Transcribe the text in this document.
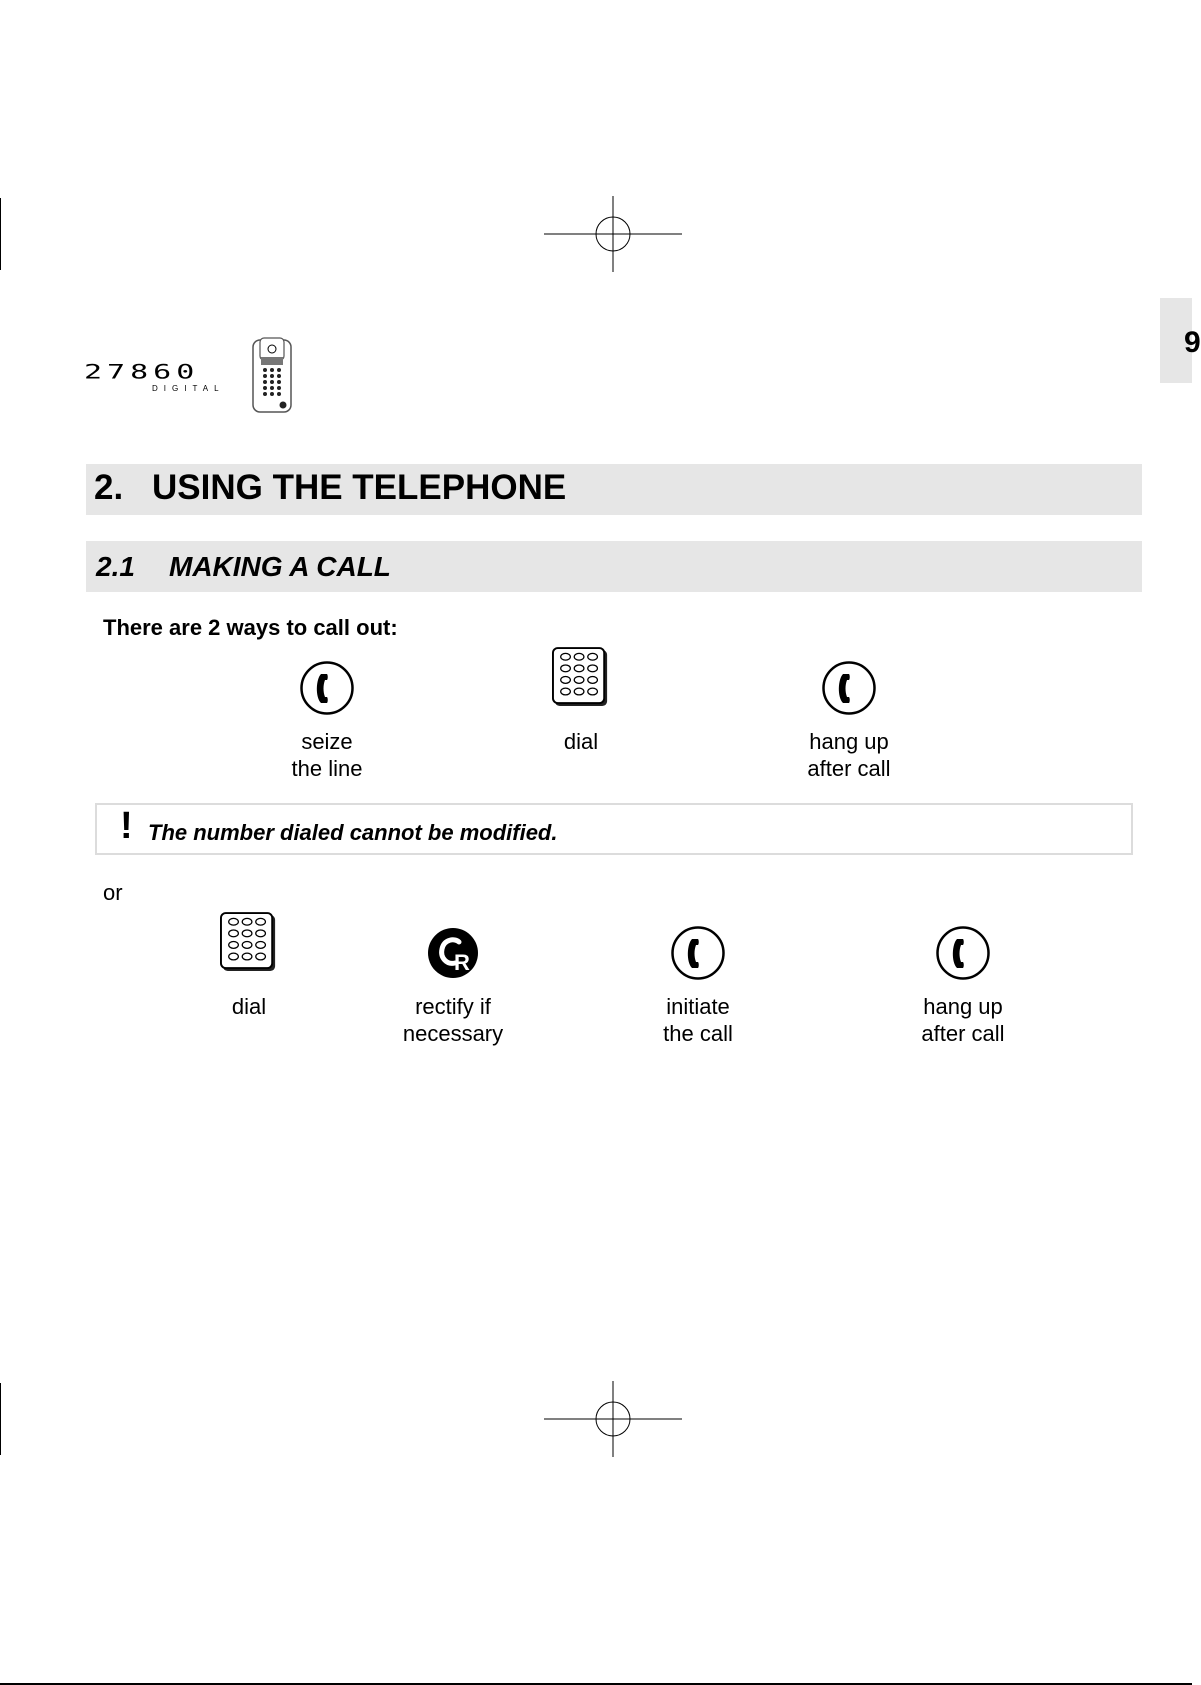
9
27860
DIGITAL
2. USING THE TELEPHONE
2.1 MAKING A CALL
There are 2 ways to call out:
seize
the line
dial	hang up
after call
! The number dialed cannot be modified.
or
dial	rectify if
necessary
initiate
the call
hang up
after call
